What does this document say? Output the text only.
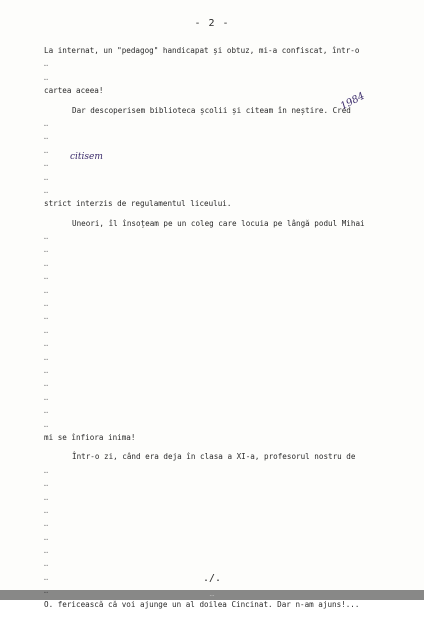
- 2 -
1984
citisem
La internat, un "pedagog" handicapat și obtuz, mi-a confiscat, într-o
…
…
cartea aceea!
Dar descoperisem biblioteca școlii și citeam în neștire. Cred
…
…
…
…
…
…
strict interzis de regulamentul liceului.
Uneori, îl însoțeam pe un coleg care locuia pe lângă podul Mihai
…
…
…
…
…
…
…
…
…
…
…
…
…
…
…
mi se înfiora inima!
Într-o zi, când era deja în clasa a XI-a, profesorul nostru de
…
…
…
…
…
…
…
…
…
O. fericească că voi ajunge un al doilea Cincinat. Dar n-am ajuns!...
./.
...
